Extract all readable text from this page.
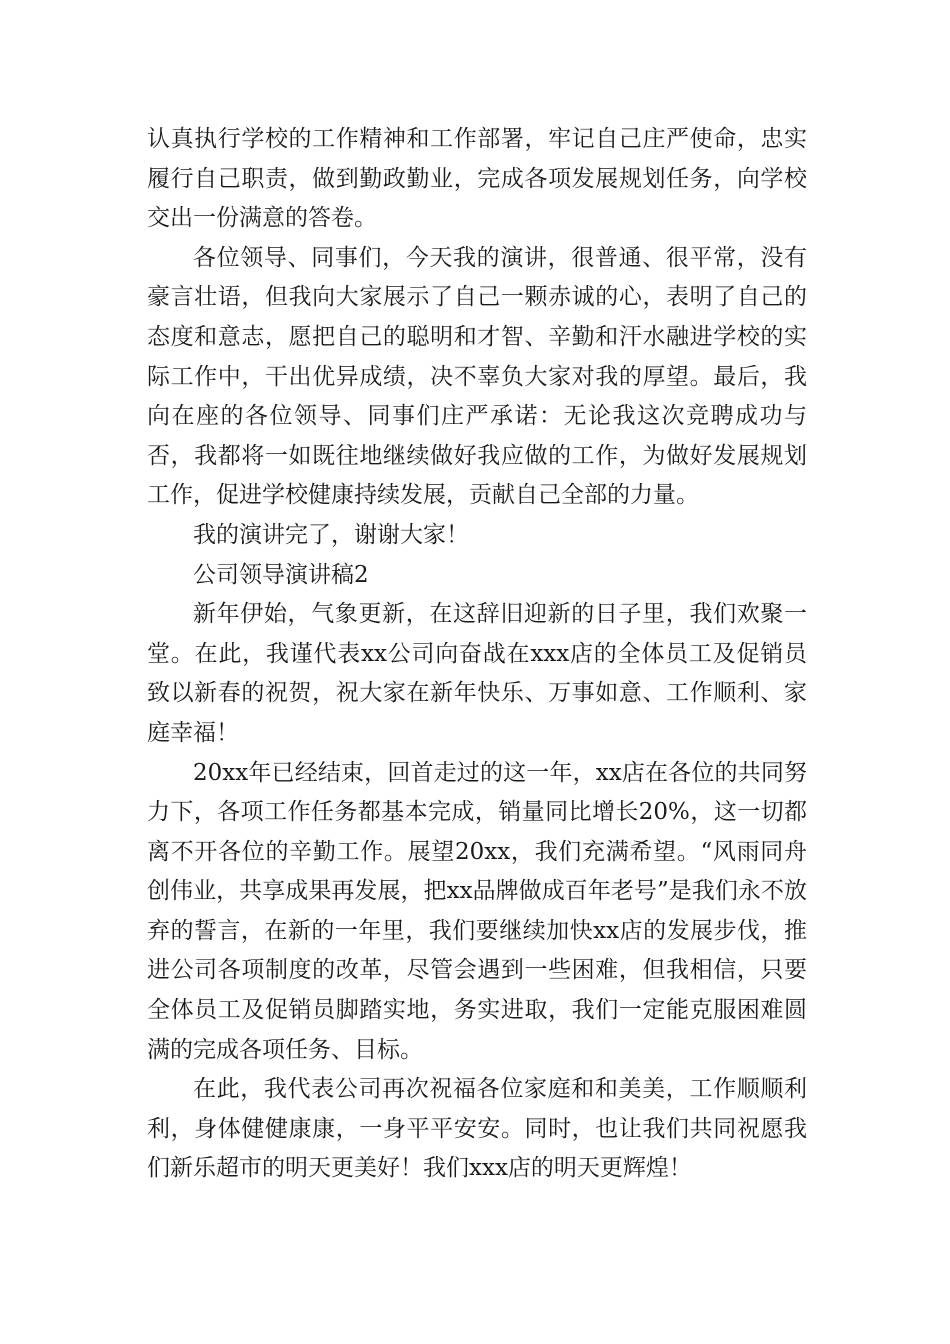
认真执行学校的工作精神和工作部署，牢记自己庄严使命，忠实履行自己职责，做到勤政勤业，完成各项发展规划任务，向学校交出一份满意的答卷。

各位领导、同事们，今天我的演讲，很普通、很平常，没有豪言壮语，但我向大家展示了自己一颗赤诚的心，表明了自己的态度和意志，愿把自己的聪明和才智、辛勤和汗水融进学校的实际工作中，干出优异成绩，决不辜负大家对我的厚望。最后，我向在座的各位领导、同事们庄严承诺：无论我这次竞聘成功与否，我都将一如既往地继续做好我应做的工作，为做好发展规划工作，促进学校健康持续发展，贡献自己全部的力量。

我的演讲完了，谢谢大家！

公司领导演讲稿2

新年伊始，气象更新，在这辞旧迎新的日子里，我们欢聚一堂。在此，我谨代表xx公司向奋战在xxx店的全体员工及促销员致以新春的祝贺，祝大家在新年快乐、万事如意、工作顺利、家庭幸福！

20xx年已经结束，回首走过的这一年，xx店在各位的共同努力下，各项工作任务都基本完成，销量同比增长20%，这一切都离不开各位的辛勤工作。展望20xx，我们充满希望。“风雨同舟创伟业，共享成果再发展，把xx品牌做成百年老号”是我们永不放弃的誓言，在新的一年里，我们要继续加快xx店的发展步伐，推进公司各项制度的改革，尽管会遇到一些困难，但我相信，只要全体员工及促销员脚踏实地，务实进取，我们一定能克服困难圆满的完成各项任务、目标。

在此，我代表公司再次祝福各位家庭和和美美，工作顺顺利利，身体健健康康，一身平平安安。同时，也让我们共同祝愿我们新乐超市的明天更美好！我们xxx店的明天更辉煌！
